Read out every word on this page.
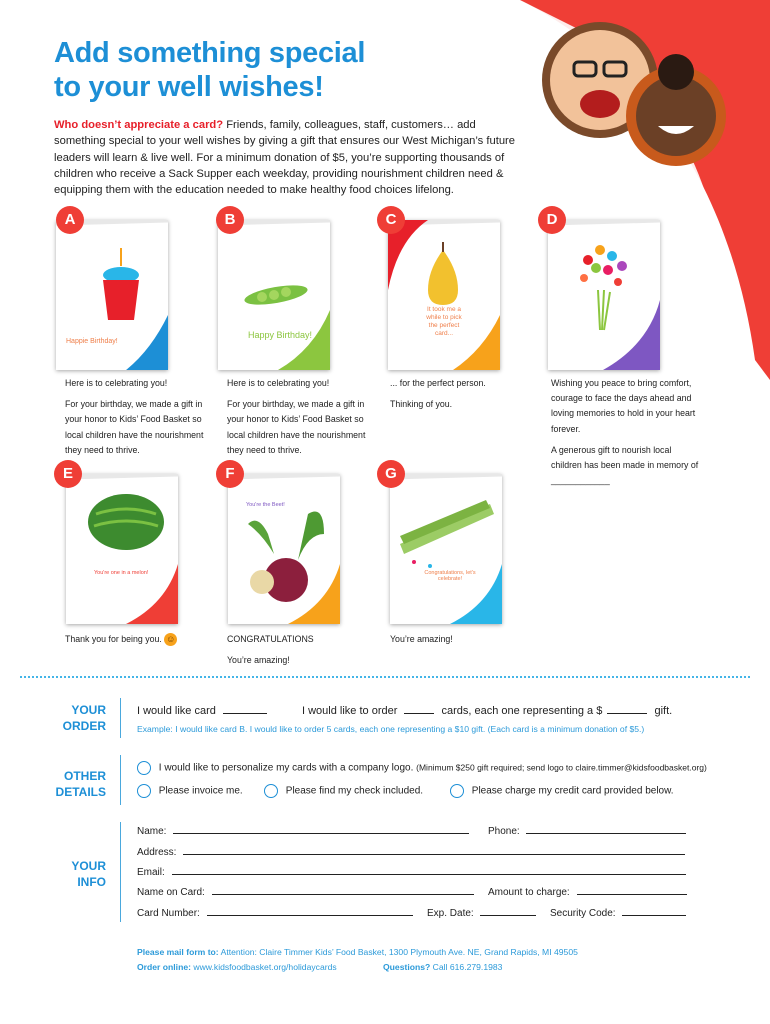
Add something special
to your well wishes!
Who doesn’t appreciate a card? Friends, family, colleagues, staff, customers… add something special to your well wishes by giving a gift that ensures our West Michigan’s future leaders will learn & live well. For a minimum donation of $5, you’re supporting thousands of children who receive a Sack Supper each weekday, providing nourishment children need & equipping them with the education needed to make healthy food choices lifelong.
Happie Birthday!
A
Happy Birthday!
B
It took me a while to pick the perfect card...
C	D

Here is to celebrating you!

For your birthday, we made a gift in your honor to Kids’ Food Basket so local children have the nourishment they need to thrive.

Here is to celebrating you!

For your birthday, we made a gift in your honor to Kids’ Food Basket so local children have the nourishment they need to thrive.

... for the perfect person.

Thinking of you.

Wishing you peace to bring comfort, courage to face the days ahead and loving memories to hold in your heart forever.

A generous gift to nourish local children has been made in memory of ____________

You're one in a melon!
E
You're the Beet!
F
Congratulations, let's celebrate!
G
Thank you for being you. ☺	CONGRATULATIONS

You’re amazing!

You’re amazing!

YOUR
ORDER
I would like card	I would like to order	cards, each one representing a $	gift.
Example: I would like card B. I would like to order 5 cards, each one representing a $10 gift. (Each card is a minimum donation of $5.)
OTHER
DETAILS
I would like to personalize my cards with a company logo. (Minimum $250 gift required; send logo to claire.timmer@kidsfoodbasket.org)
Please invoice me.	Please find my check included.	Please charge my credit card provided below.
YOUR
INFO
Name:	Phone:
Address:
Email:
Name on Card:	Amount to charge:
Card Number:	Exp. Date:	Security Code:
Please mail form to: Attention: Claire Timmer Kids’ Food Basket, 1300 Plymouth Ave. NE, Grand Rapids, MI 49505
Order online: www.kidsfoodbasket.org/holidaycards	Questions? Call 616.279.1983
